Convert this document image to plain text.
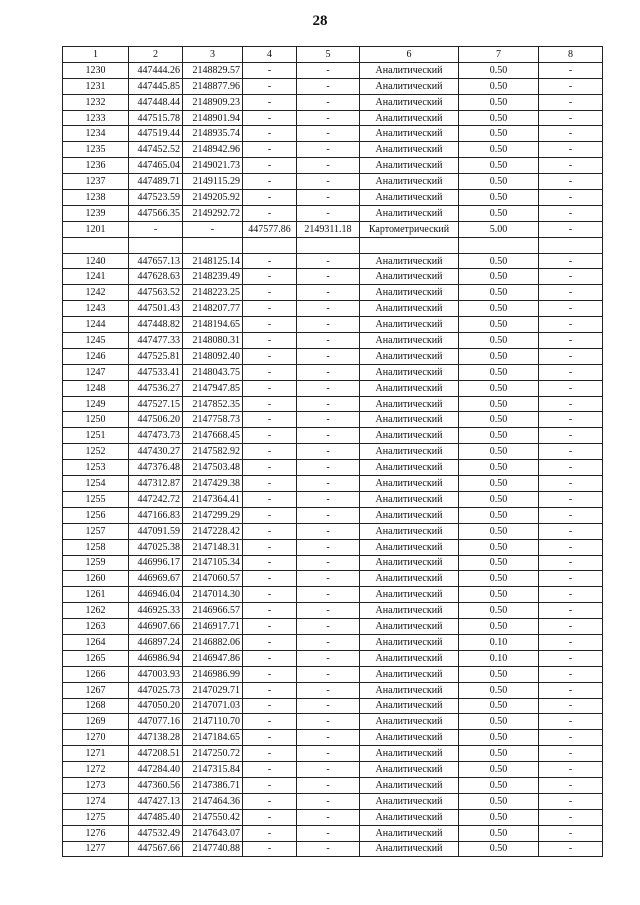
28
1	2	3	4	5	6	7	8
1230	447444.26	2148829.57	-	-	Аналитический	0.50	-
1231	447445.85	2148877.96	-	-	Аналитический	0.50	-
1232	447448.44	2148909.23	-	-	Аналитический	0.50	-
1233	447515.78	2148901.94	-	-	Аналитический	0.50	-
1234	447519.44	2148935.74	-	-	Аналитический	0.50	-
1235	447452.52	2148942.96	-	-	Аналитический	0.50	-
1236	447465.04	2149021.73	-	-	Аналитический	0.50	-
1237	447489.71	2149115.29	-	-	Аналитический	0.50	-
1238	447523.59	2149205.92	-	-	Аналитический	0.50	-
1239	447566.35	2149292.72	-	-	Аналитический	0.50	-
1201	-	-	447577.86	2149311.18	Картометрический	5.00	-

1240	447657.13	2148125.14	-	-	Аналитический	0.50	-
1241	447628.63	2148239.49	-	-	Аналитический	0.50	-
1242	447563.52	2148223.25	-	-	Аналитический	0.50	-
1243	447501.43	2148207.77	-	-	Аналитический	0.50	-
1244	447448.82	2148194.65	-	-	Аналитический	0.50	-
1245	447477.33	2148080.31	-	-	Аналитический	0.50	-
1246	447525.81	2148092.40	-	-	Аналитический	0.50	-
1247	447533.41	2148043.75	-	-	Аналитический	0.50	-
1248	447536.27	2147947.85	-	-	Аналитический	0.50	-
1249	447527.15	2147852.35	-	-	Аналитический	0.50	-
1250	447506.20	2147758.73	-	-	Аналитический	0.50	-
1251	447473.73	2147668.45	-	-	Аналитический	0.50	-
1252	447430.27	2147582.92	-	-	Аналитический	0.50	-
1253	447376.48	2147503.48	-	-	Аналитический	0.50	-
1254	447312.87	2147429.38	-	-	Аналитический	0.50	-
1255	447242.72	2147364.41	-	-	Аналитический	0.50	-
1256	447166.83	2147299.29	-	-	Аналитический	0.50	-
1257	447091.59	2147228.42	-	-	Аналитический	0.50	-
1258	447025.38	2147148.31	-	-	Аналитический	0.50	-
1259	446996.17	2147105.34	-	-	Аналитический	0.50	-
1260	446969.67	2147060.57	-	-	Аналитический	0.50	-
1261	446946.04	2147014.30	-	-	Аналитический	0.50	-
1262	446925.33	2146966.57	-	-	Аналитический	0.50	-
1263	446907.66	2146917.71	-	-	Аналитический	0.50	-
1264	446897.24	2146882.06	-	-	Аналитический	0.10	-
1265	446986.94	2146947.86	-	-	Аналитический	0.10	-
1266	447003.93	2146986.99	-	-	Аналитический	0.50	-
1267	447025.73	2147029.71	-	-	Аналитический	0.50	-
1268	447050.20	2147071.03	-	-	Аналитический	0.50	-
1269	447077.16	2147110.70	-	-	Аналитический	0.50	-
1270	447138.28	2147184.65	-	-	Аналитический	0.50	-
1271	447208.51	2147250.72	-	-	Аналитический	0.50	-
1272	447284.40	2147315.84	-	-	Аналитический	0.50	-
1273	447360.56	2147386.71	-	-	Аналитический	0.50	-
1274	447427.13	2147464.36	-	-	Аналитический	0.50	-
1275	447485.40	2147550.42	-	-	Аналитический	0.50	-
1276	447532.49	2147643.07	-	-	Аналитический	0.50	-
1277	447567.66	2147740.88	-	-	Аналитический	0.50	-
